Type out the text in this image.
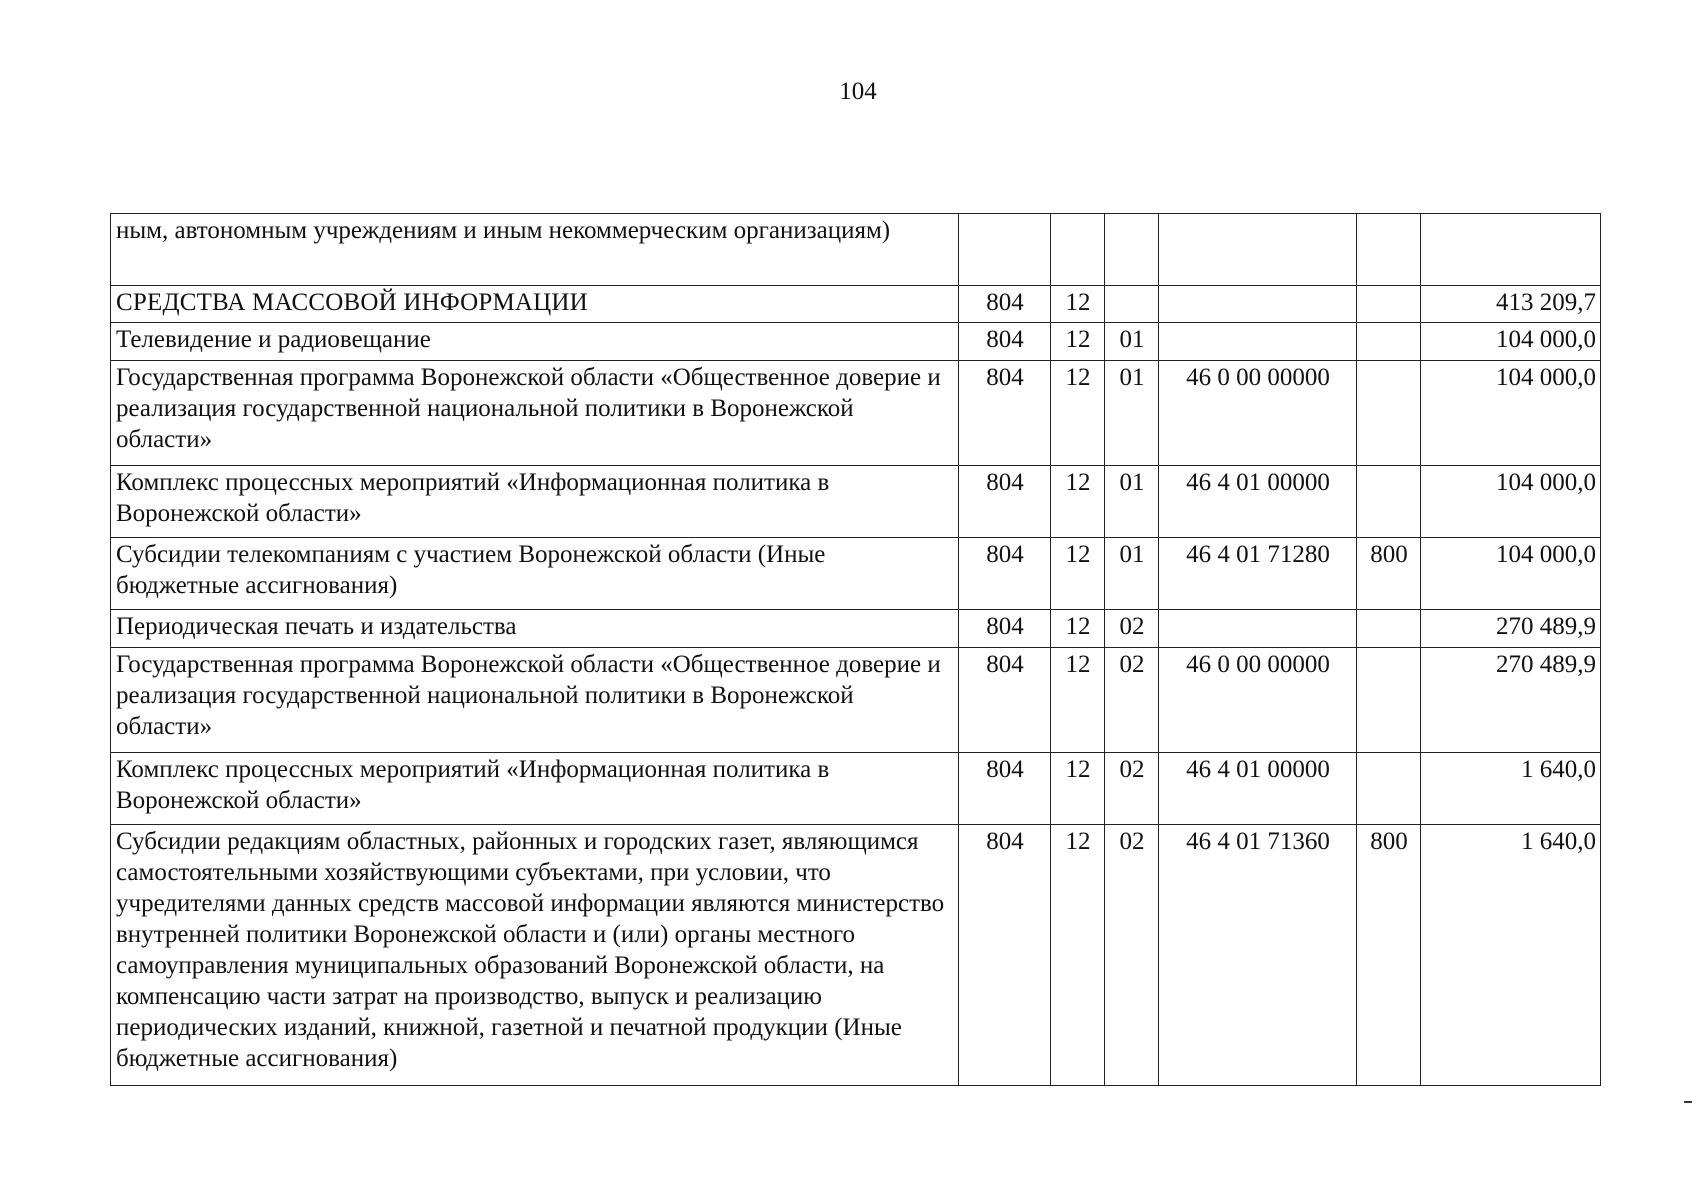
104
ным, автономным учреждениям и иным некоммерческим организациям)						
СРЕДСТВА МАССОВОЙ ИНФОРМАЦИИ	804	12				413 209,7
Телевидение и радиовещание	804	12	01			104 000,0
Государственная программа Воронежской области «Общественное доверие и реализация государственной национальной политики в Воронежской области»	804	12	01	46 0 00 00000		104 000,0
Комплекс процессных мероприятий «Информационная политика в Воронежской области»	804	12	01	46 4 01 00000		104 000,0
Субсидии телекомпаниям с участием Воронежской области (Иные бюджетные ассигнования)	804	12	01	46 4 01 71280	800	104 000,0
Периодическая печать и издательства	804	12	02			270 489,9
Государственная программа Воронежской области «Общественное доверие и реализация государственной национальной политики в Воронежской области»	804	12	02	46 0 00 00000		270 489,9
Комплекс процессных мероприятий «Информационная политика в Воронежской области»	804	12	02	46 4 01 00000		1 640,0
Субсидии редакциям областных, районных и городских газет, являющимся самостоятельными хозяйствующими субъектами, при условии, что учредителями данных средств массовой информации являются министерство внутренней политики Воронежской области и (или) органы местного самоуправления муниципальных образований Воронежской области, на компенсацию части затрат на производство, выпуск и реализацию периодических изданий, книжной, газетной и печатной продукции (Иные бюджетные ассигнования)	804	12	02	46 4 01 71360	800	1 640,0
